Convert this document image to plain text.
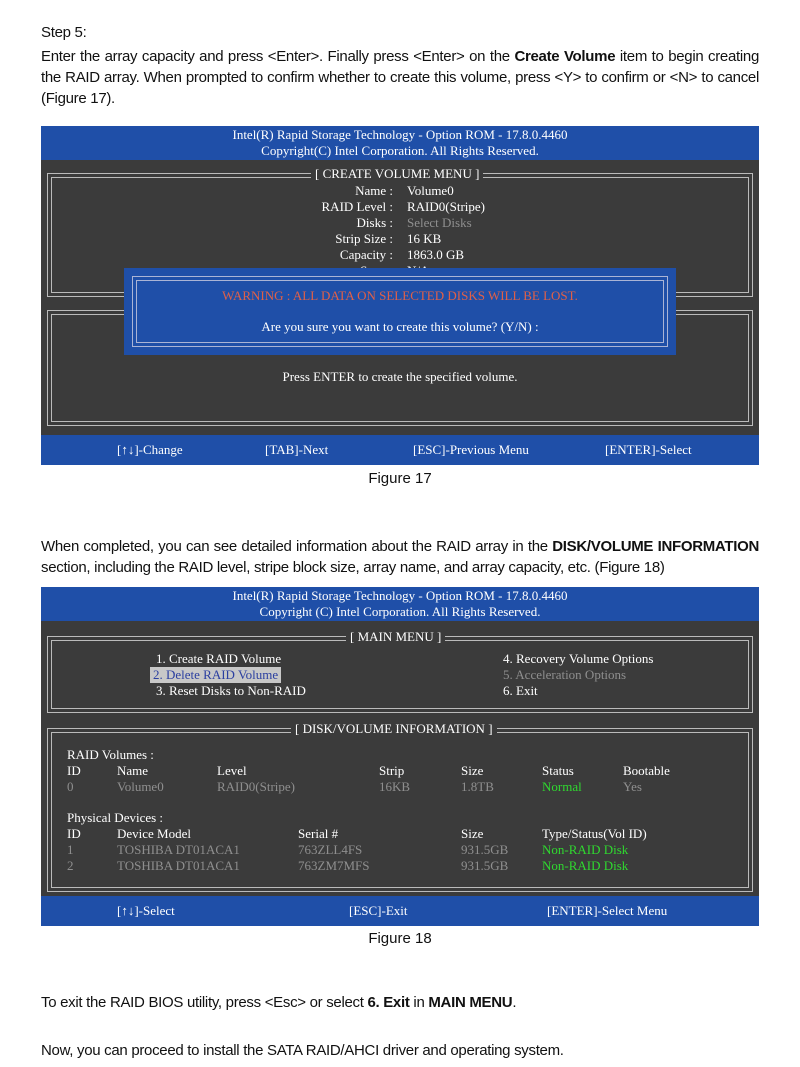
Step 5:
Enter the array capacity and press <Enter>. Finally press <Enter> on the Create Volume item to begin creating the RAID array. When prompted to confirm whether to create this volume, press <Y> to confirm or <N> to cancel (Figure 17).
Intel(R) Rapid Storage Technology - Option ROM - 17.8.0.4460
Copyright(C) Intel Corporation. All Rights Reserved.
[ CREATE VOLUME MENU ]
Name : Volume0
RAID Level : RAID0(Stripe)
Disks : Select Disks
Strip Size : 16 KB
Capacity : 1863.0 GB
Press ENTER to create the specified volume.
WARNING : ALL DATA ON SELECTED DISKS WILL BE LOST.
Are you sure you want to create this volume? (Y/N) :
[↑↓]-Change	[TAB]-Next	[ESC]-Previous Menu	[ENTER]-Select
Figure 17
When completed, you can see detailed information about the RAID array in the DISK/VOLUME INFORMATION section, including the RAID level, stripe block size, array name, and array capacity, etc. (Figure 18)
Intel(R) Rapid Storage Technology - Option ROM - 17.8.0.4460
Copyright (C) Intel Corporation. All Rights Reserved.
[ MAIN MENU ]
1. Create RAID Volume
2. Delete RAID Volume
3. Reset Disks to Non-RAID
4. Recovery Volume Options
5. Acceleration Options
6. Exit
[ DISK/VOLUME INFORMATION ]
RAID Volumes :
ID	Name	Level	Strip	Size	Status	Bootable
0	Volume0	RAID0(Stripe)	16KB	1.8TB	Normal	Yes
Physical Devices :
ID	Device Model	Serial #	Size	Type/Status(Vol ID)
1	TOSHIBA DT01ACA1	763ZLL4FS	931.5GB	Non-RAID Disk
2	TOSHIBA DT01ACA1	763ZM7MFS	931.5GB	Non-RAID Disk
[↑↓]-Select	[ESC]-Exit	[ENTER]-Select Menu
Figure 18
To exit the RAID BIOS utility, press <Esc> or select 6. Exit in MAIN MENU.
Now, you can proceed to install the SATA RAID/AHCI driver and operating system.
